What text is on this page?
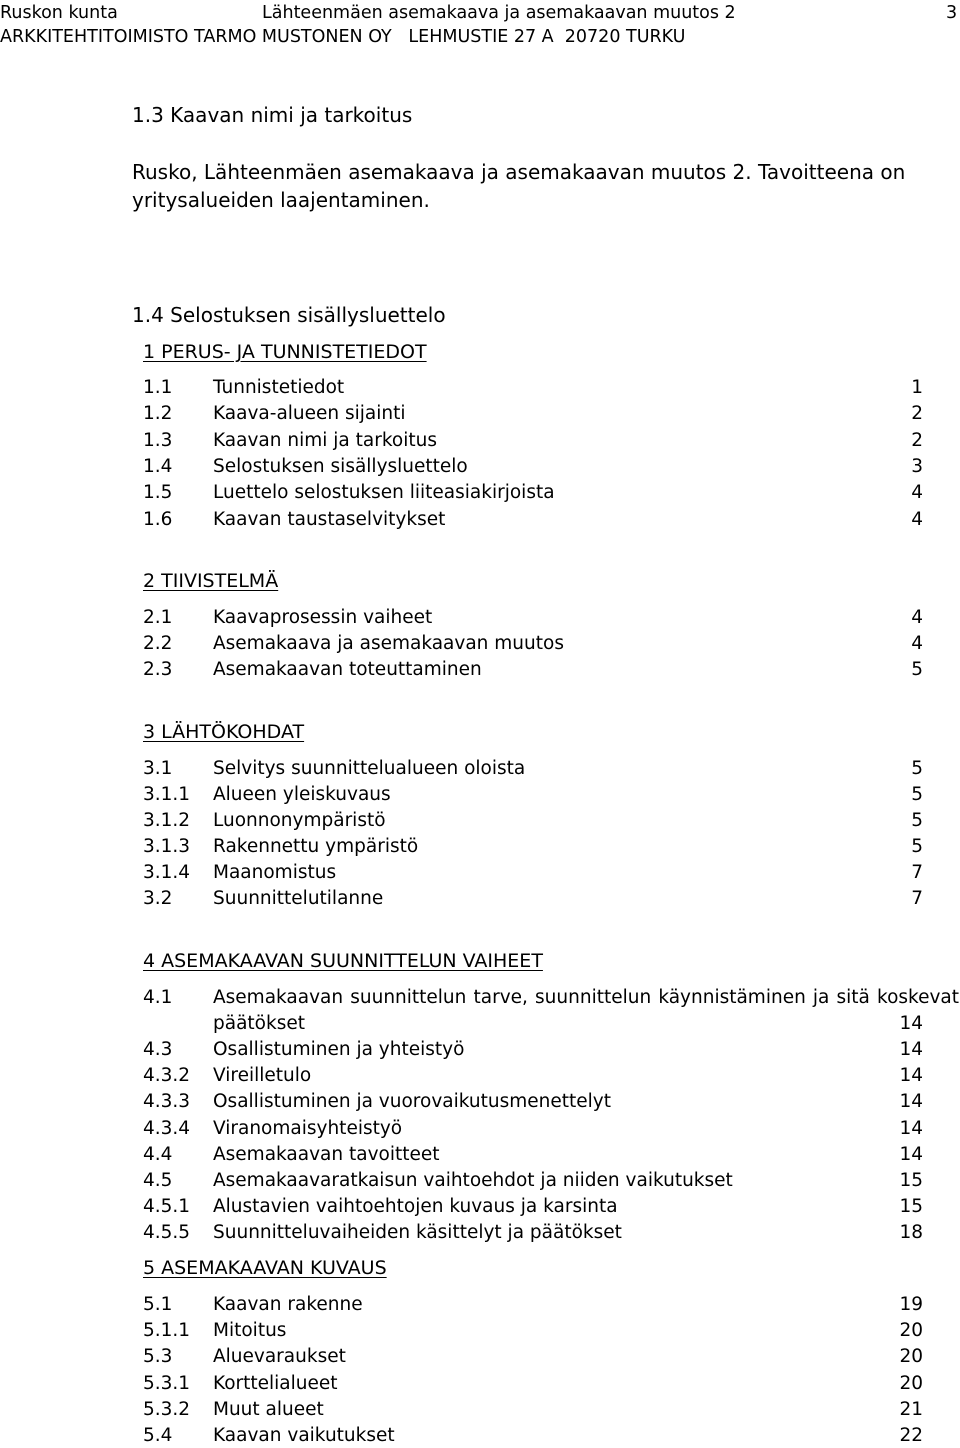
Ruskon kunta	Lähteenmäen asemakaava ja asemakaavan muutos 2	3
ARKKITEHTITOIMISTO TARMO MUSTONEN OY   LEHMUSTIE 27 A  20720 TURKU
1.3 Kaavan nimi ja tarkoitus
Rusko, Lähteenmäen asemakaava ja asemakaavan muutos 2. Tavoitteena on yritysalueiden laajentaminen.
1.4 Selostuksen sisällysluettelo
1 PERUS- JA TUNNISTETIEDOT
1.1 Tunnistetiedot	1
1.2 Kaava-alueen sijainti	2
1.3 Kaavan nimi ja tarkoitus	2
1.4 Selostuksen sisällysluettelo	3
1.5 Luettelo selostuksen liiteasiakirjoista	4
1.6 Kaavan taustaselvitykset	4
2 TIIVISTELMÄ
2.1 Kaavaprosessin vaiheet	4
2.2 Asemakaava ja asemakaavan muutos	4
2.3 Asemakaavan toteuttaminen	5
3 LÄHTÖKOHDAT
3.1 Selvitys suunnittelualueen oloista	5
3.1.1 Alueen yleiskuvaus	5
3.1.2 Luonnonympäristö	5
3.1.3 Rakennettu ympäristö	5
3.1.4 Maanomistus	7
3.2 Suunnittelutilanne	7
4 ASEMAKAAVAN SUUNNITTELUN VAIHEET
4.1 Asemakaavan suunnittelun tarve, suunnittelun käynnistäminen ja sitä koskevat
päätökset	14
4.3 Osallistuminen ja yhteistyö	14
4.3.2 Vireilletulo	14
4.3.3 Osallistuminen ja vuorovaikutusmenettelyt	14
4.3.4 Viranomaisyhteistyö	14
4.4 Asemakaavan tavoitteet	14
4.5 Asemakaavaratkaisun vaihtoehdot ja niiden vaikutukset	15
4.5.1 Alustavien vaihtoehtojen kuvaus ja karsinta	15
4.5.5 Suunnitteluvaiheiden käsittelyt ja päätökset	18
5 ASEMAKAAVAN KUVAUS
5.1 Kaavan rakenne	19
5.1.1 Mitoitus	20
5.3 Aluevaraukset	20
5.3.1 Korttelialueet	20
5.3.2 Muut alueet	21
5.4 Kaavan vaikutukset	22
